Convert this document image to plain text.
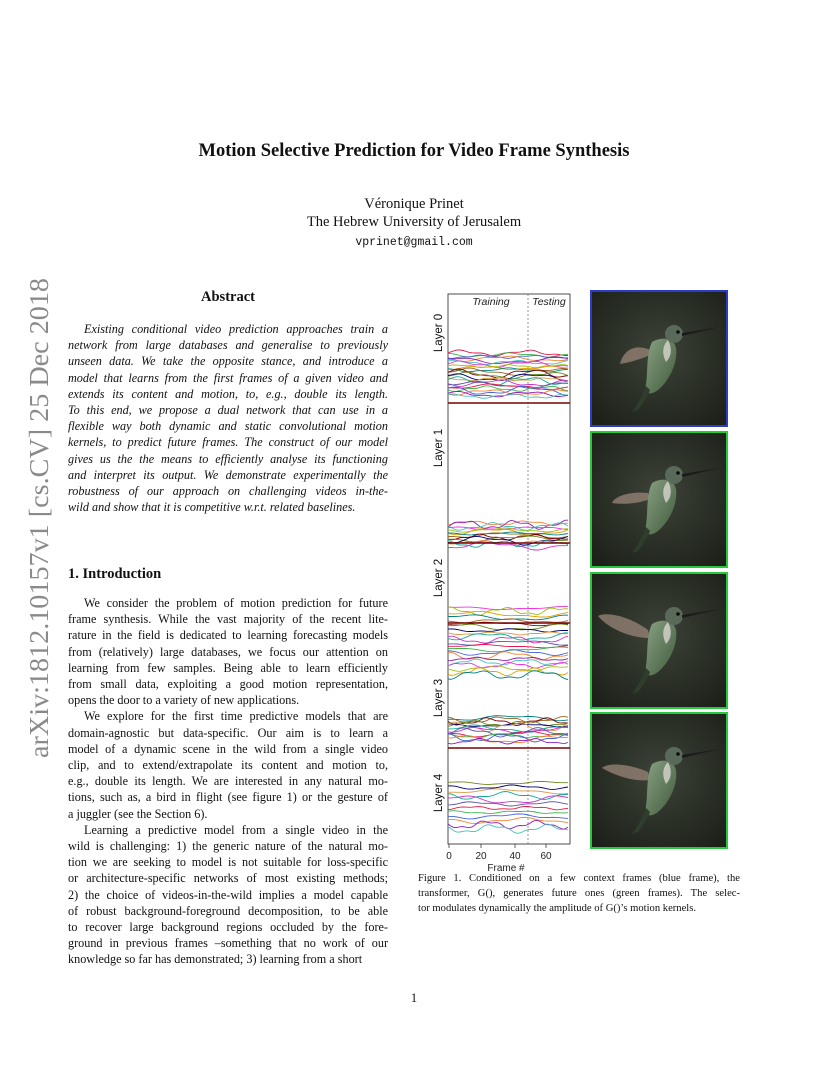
arXiv:1812.10157v1 [cs.CV] 25 Dec 2018
Motion Selective Prediction for Video Frame Synthesis
Véronique Prinet
The Hebrew University of Jerusalem
vprinet@gmail.com
Abstract
Existing conditional video prediction approaches train a
network from large databases and generalise to previously
unseen data. We take the opposite stance, and introduce a
model that learns from the first frames of a given video and
extends its content and motion, to, e.g., double its length.
To this end, we propose a dual network that can use in a
flexible way both dynamic and static convolutional motion
kernels, to predict future frames. The construct of our model
gives us the the means to efficiently analyse its functioning
and interpret its output. We demonstrate experimentally the
robustness of our approach on challenging videos in-the-
wild and show that it is competitive w.r.t. related baselines.
1. Introduction
We consider the problem of motion prediction for future
frame synthesis. While the vast majority of the recent lite-
rature in the field is dedicated to learning forecasting models
from (relatively) large databases, we focus our attention on
learning from few samples. Being able to learn efficiently
from small data, exploiting a good motion representation,
opens the door to a variety of new applications.
We explore for the first time predictive models that are
domain-agnostic but data-specific. Our aim is to learn a
model of a dynamic scene in the wild from a single video
clip, and to extend/extrapolate its content and motion to,
e.g., double its length. We are interested in any natural mo-
tions, such as, a bird in flight (see figure 1) or the gesture of
a juggler (see the Section 6).
Learning a predictive model from a single video in the
wild is challenging: 1) the generic nature of the natural mo-
tion we are seeking to model is not suitable for loss-specific
or architecture-specific networks of most existing methods;
2) the choice of videos-in-the-wild implies a model capable
of robust background-foreground decomposition, to be able
to recover large background regions occluded by the fore-
ground in previous frames –something that no work of our
knowledge so far has demonstrated; 3) learning from a short
Training Testing
Layer 0
Layer 1
Layer 2
Layer 3
Layer 4
0 20 40 60
Frame #
Figure 1. Conditioned on a few context frames (blue frame), the
transformer, G(), generates future ones (green frames). The selec-
tor modulates dynamically the amplitude of G()’s motion kernels.
1
